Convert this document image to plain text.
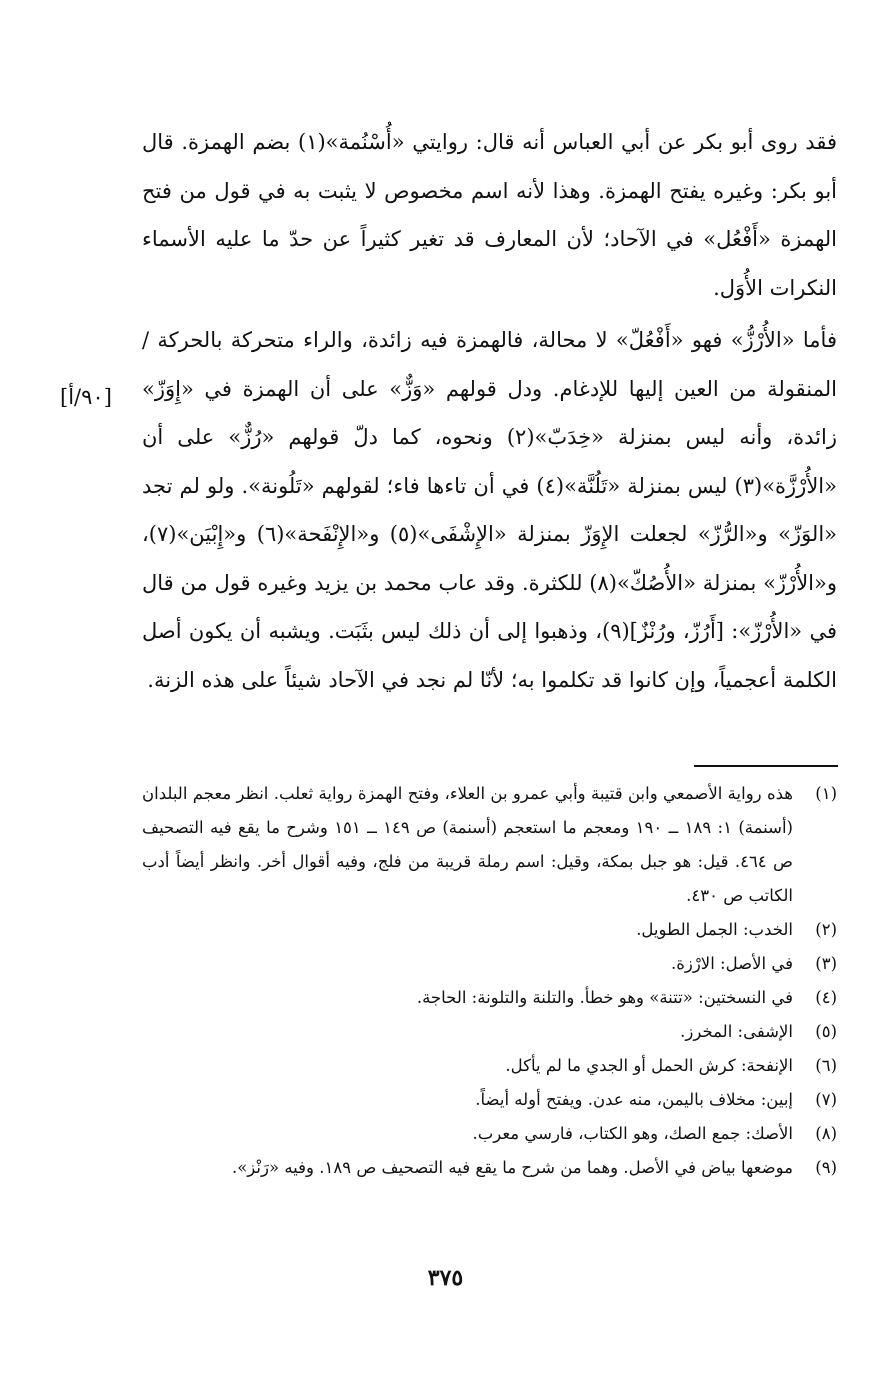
فقد روى أبو بكر عن أبي العباس أنه قال: روايتي «أُسْنُمة»(١) بضم الهمزة. قال أبو بكر: وغيره يفتح الهمزة. وهذا لأنه اسم مخصوص لا يثبت به في قول من فتح الهمزة «أَفْعُل» في الآحاد؛ لأن المعارف قد تغير كثيراً عن حدّ ما عليه الأسماء النكرات الأُوَل.

فأما «الأُرْزُّ» فهو «أَفْعُلّ» لا محالة، فالهمزة فيه زائدة، والراء متحركة بالحركة / المنقولة من العين إليها للإدغام. ودل قولهم «وَزٌّ» على أن الهمزة في «إِوَزّ» زائدة، وأنه ليس بمنزلة «خِدَبّ»(٢) ونحوه، كما دلّ قولهم «رُزٌّ» على أن «الأُرْزَّة»(٣) ليس بمنزلة «تَلُنَّة»(٤) في أن تاءها فاء؛ لقولهم «تَلُونة». ولو لم تجد «الوَزّ» و«الرُّزّ» لجعلت الإِوَزّ بمنزلة «الإِشْفَى»(٥) و«الإِنْفَحة»(٦) و«إِبْيَن»(٧)، و«الأُرْزّ» بمنزلة «الأُصُكّ»(٨) للكثرة. وقد عاب محمد بن يزيد وغيره قول من قال في «الأُرْزّ»: [أَرُزّ، ورُنْزٌ](٩)، وذهبوا إلى أن ذلك ليس بثَبَت. ويشبه أن يكون أصل الكلمة أعجمياً، وإن كانوا قد تكلموا به؛ لأنّا لم نجد في الآحاد شيئاً على هذه الزنة.

[٩٠/أ]
(١)
هذه رواية الأصمعي وابن قتيبة وأبي عمرو بن العلاء، وفتح الهمزة رواية ثعلب. انظر معجم البلدان (أسنمة) ١: ١٨٩ ــ ١٩٠ ومعجم ما استعجم (أسنمة) ص ١٤٩ ــ ١٥١ وشرح ما يقع فيه التصحيف ص ٤٦٤. قيل: هو جبل بمكة، وقيل: اسم رملة قريبة من فلج، وفيه أقوال أخر. وانظر أيضاً أدب الكاتب ص ٤٣٠.
(٢)
الخدب: الجمل الطويل.
(٣)
في الأصل: الارْزة.
(٤)
في النسختين: «تتنة» وهو خطأ. والتلنة والتلونة: الحاجة.
(٥)
الإشفى: المخرز.
(٦)
الإنفحة: كرش الحمل أو الجدي ما لم يأكل.
(٧)
إبين: مخلاف باليمن، منه عدن. ويفتح أوله أيضاً.
(٨)
الأصك: جمع الصك، وهو الكتاب، فارسي معرب.
(٩)
موضعها بياض في الأصل. وهما من شرح ما يقع فيه التصحيف ص ١٨٩. وفيه «رَنْز».
٣٧٥
